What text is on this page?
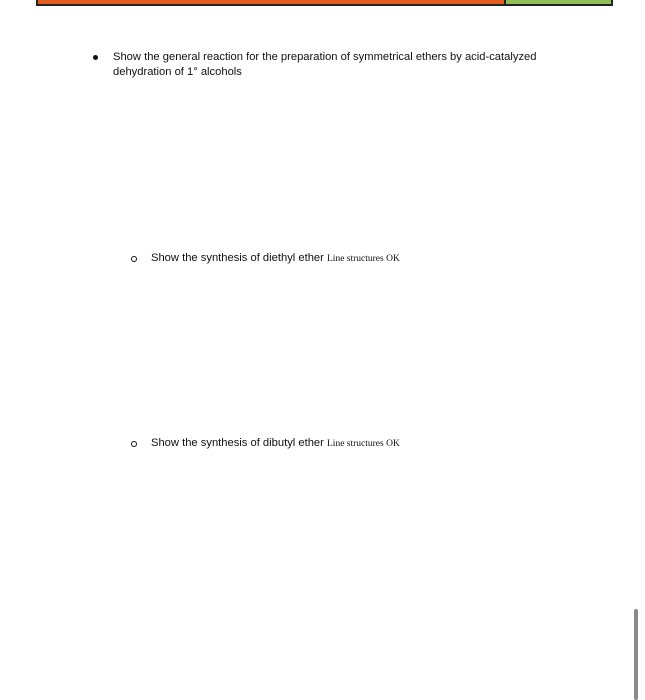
Show the general reaction for the preparation of symmetrical ethers by acid-catalyzed
dehydration of 1° alcohols
Show the synthesis of diethyl ether Line structures OK
Show the synthesis of dibutyl ether Line structures OK
